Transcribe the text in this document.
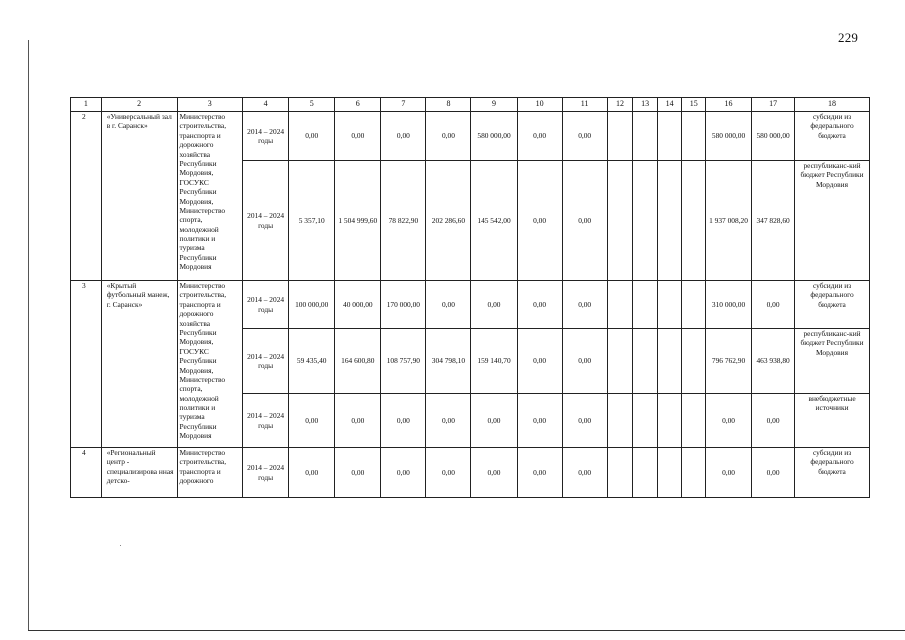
229
1	2	3	4	5	6	7	8	9	10	11	12	13	14	15	16	17	18
2	«Универсальный зал в г. Саранск»	Министерство строительства, транспорта и дорожного хозяйства Республики Мордовия, ГОСУКС Республики Мордовия, Министерство спорта, молодежной политики и туризма Республики Мордовия	2014 – 2024 годы	0,00	0,00	0,00	0,00	580 000,00	0,00	0,00					580 000,00	580 000,00	субсидии из федерального бюджета
			2014 – 2024 годы	5 357,10	1 504 999,60	78 822,90	202 286,60	145 542,00	0,00	0,00					1 937 008,20	347 828,60	республиканс-кий бюджет Республики Мордовия
3	«Крытый футбольный манеж, г. Саранск»	Министерство строительства, транспорта и дорожного хозяйства Республики Мордовия, ГОСУКС Республики Мордовия, Министерство спорта, молодежной политики и туризма Республики Мордовия	2014 – 2024 годы	100 000,00	40 000,00	170 000,00	0,00	0,00	0,00	0,00					310 000,00	0,00	субсидии из федерального бюджета
			2014 – 2024 годы	59 435,40	164 600,80	108 757,90	304 798,10	159 140,70	0,00	0,00					796 762,90	463 938,80	республиканс-кий бюджет Республики Мордовия
			2014 – 2024 годы	0,00	0,00	0,00	0,00	0,00	0,00	0,00					0,00	0,00	внебюджетные источники
4	«Региональный центр - специализирова нная детско-	Министерство строительства, транспорта и дорожного	2014 – 2024 годы	0,00	0,00	0,00	0,00	0,00	0,00	0,00					0,00	0,00	субсидии из федерального бюджета
